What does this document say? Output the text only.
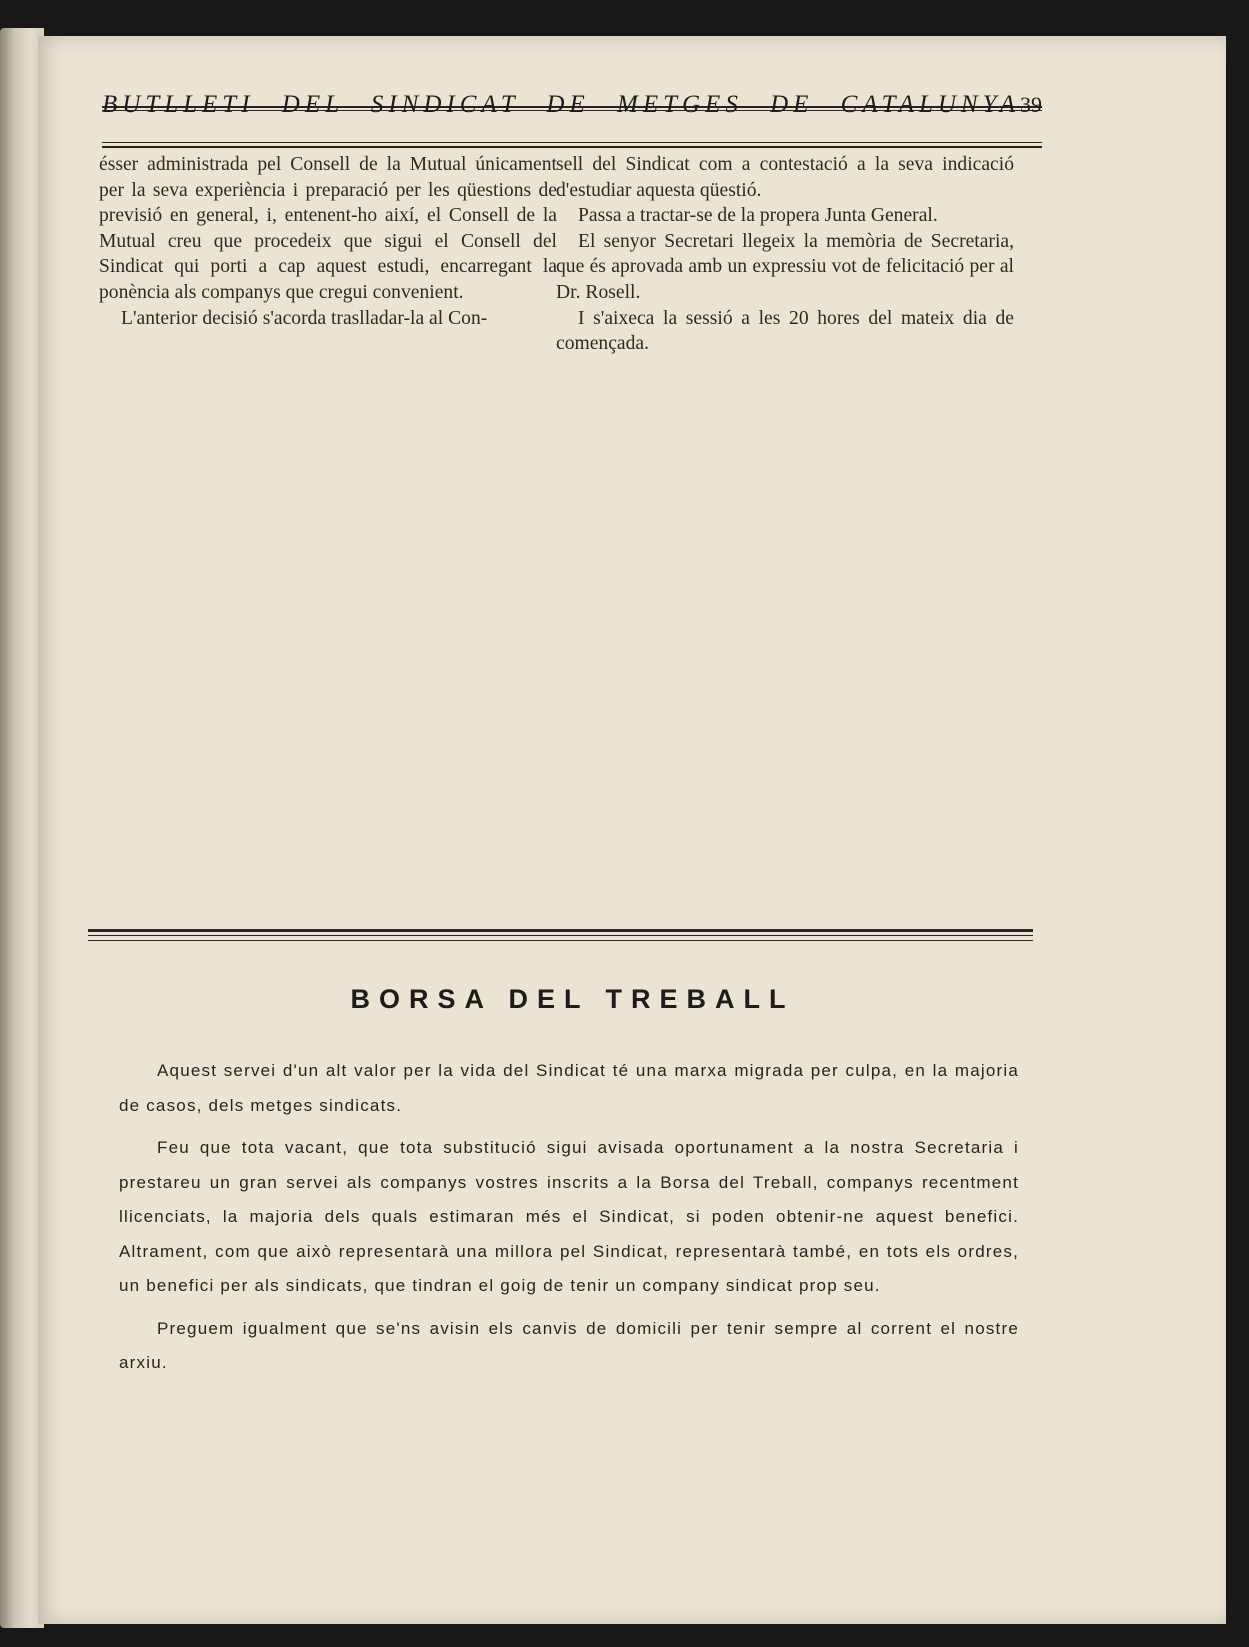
BUTLLETI DEL SINDICAT DE METGES DE CATALUNYA 39

ésser administrada pel Consell de la Mutual únicament per la seva experiència i preparació per les qüestions de previsió en general, i, entenent-ho així, el Consell de la Mutual creu que procedeix que sigui el Consell del Sindicat qui porti a cap aquest estudi, encarregant la ponència als companys que cregui convenient.

L'anterior decisió s'acorda traslladar-la al Con-

sell del Sindicat com a contestació a la seva indicació d'estudiar aquesta qüestió.

Passa a tractar-se de la propera Junta General.

El senyor Secretari llegeix la memòria de Secretaria, que és aprovada amb un expressiu vot de felicitació per al Dr. Rosell.

I s'aixeca la sessió a les 20 hores del mateix dia de començada.

BORSA DEL TREBALL

Aquest servei d'un alt valor per la vida del Sindicat té una marxa migrada per culpa, en la majoria de casos, dels metges sindicats.

Feu que tota vacant, que tota substitució sigui avisada oportunament a la nostra Secretaria i prestareu un gran servei als companys vostres inscrits a la Borsa del Treball, companys recentment llicenciats, la majoria dels quals estimaran més el Sindicat, si poden obtenir-ne aquest benefici. Altrament, com que això representarà una millora pel Sindicat, representarà també, en tots els ordres, un benefici per als sindicats, que tindran el goig de tenir un company sindicat prop seu.

Preguem igualment que se'ns avisin els canvis de domicili per tenir sempre al corrent el nostre arxiu.
